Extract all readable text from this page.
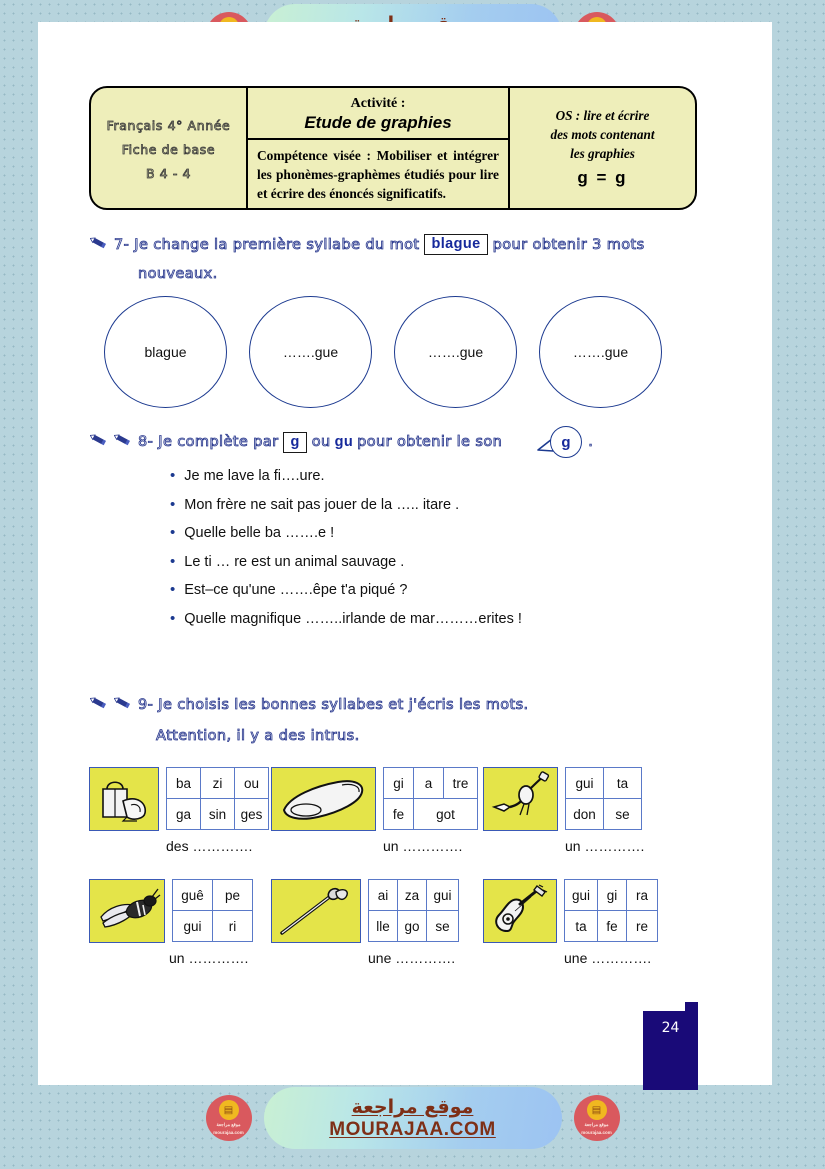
Français 4° Année
Fiche de base
B 4 - 4
Activité :
Etude de graphies
Compétence visée : Mobiliser et intégrer les phonèmes-graphèmes étudiés pour lire et écrire des énoncés significatifs.
OS : lire et écrire
des mots contenant
les graphies
g = g
7- Je change la première syllabe du mot blague pour obtenir 3 mots
nouveaux.
blague	…….gue	…….gue	…….gue
8- Je complète par g ou gu pour obtenir le son	g	.
• Je me lave la fi….ure.
• Mon frère ne sait pas jouer de la ….. itare .
• Quelle belle ba …….e !
• Le ti … re est un animal sauvage .
• Est–ce qu'une …….êpe t'a piqué ?
• Quelle magnifique ……..irlande de mar………erites !
9- Je choisis les bonnes syllabes et j'écris les mots.
Attention, il y a des intrus.
ba	zi	ou
ga	sin	ges
des ………….
gi	a	tre
fe	got	
un ………….
gui	ta
don	se
un ………….
guê	pe
gui	ri
un ………….
ai	za	gui
lle	go	se
une ………….
gui	gi	ra
ta	fe	re
une ………….
24
▤
موقع مراجعة
mourajaa.com
موقع مراجعة
MOURAJAA.COM
▤
موقع مراجعة
mourajaa.com
